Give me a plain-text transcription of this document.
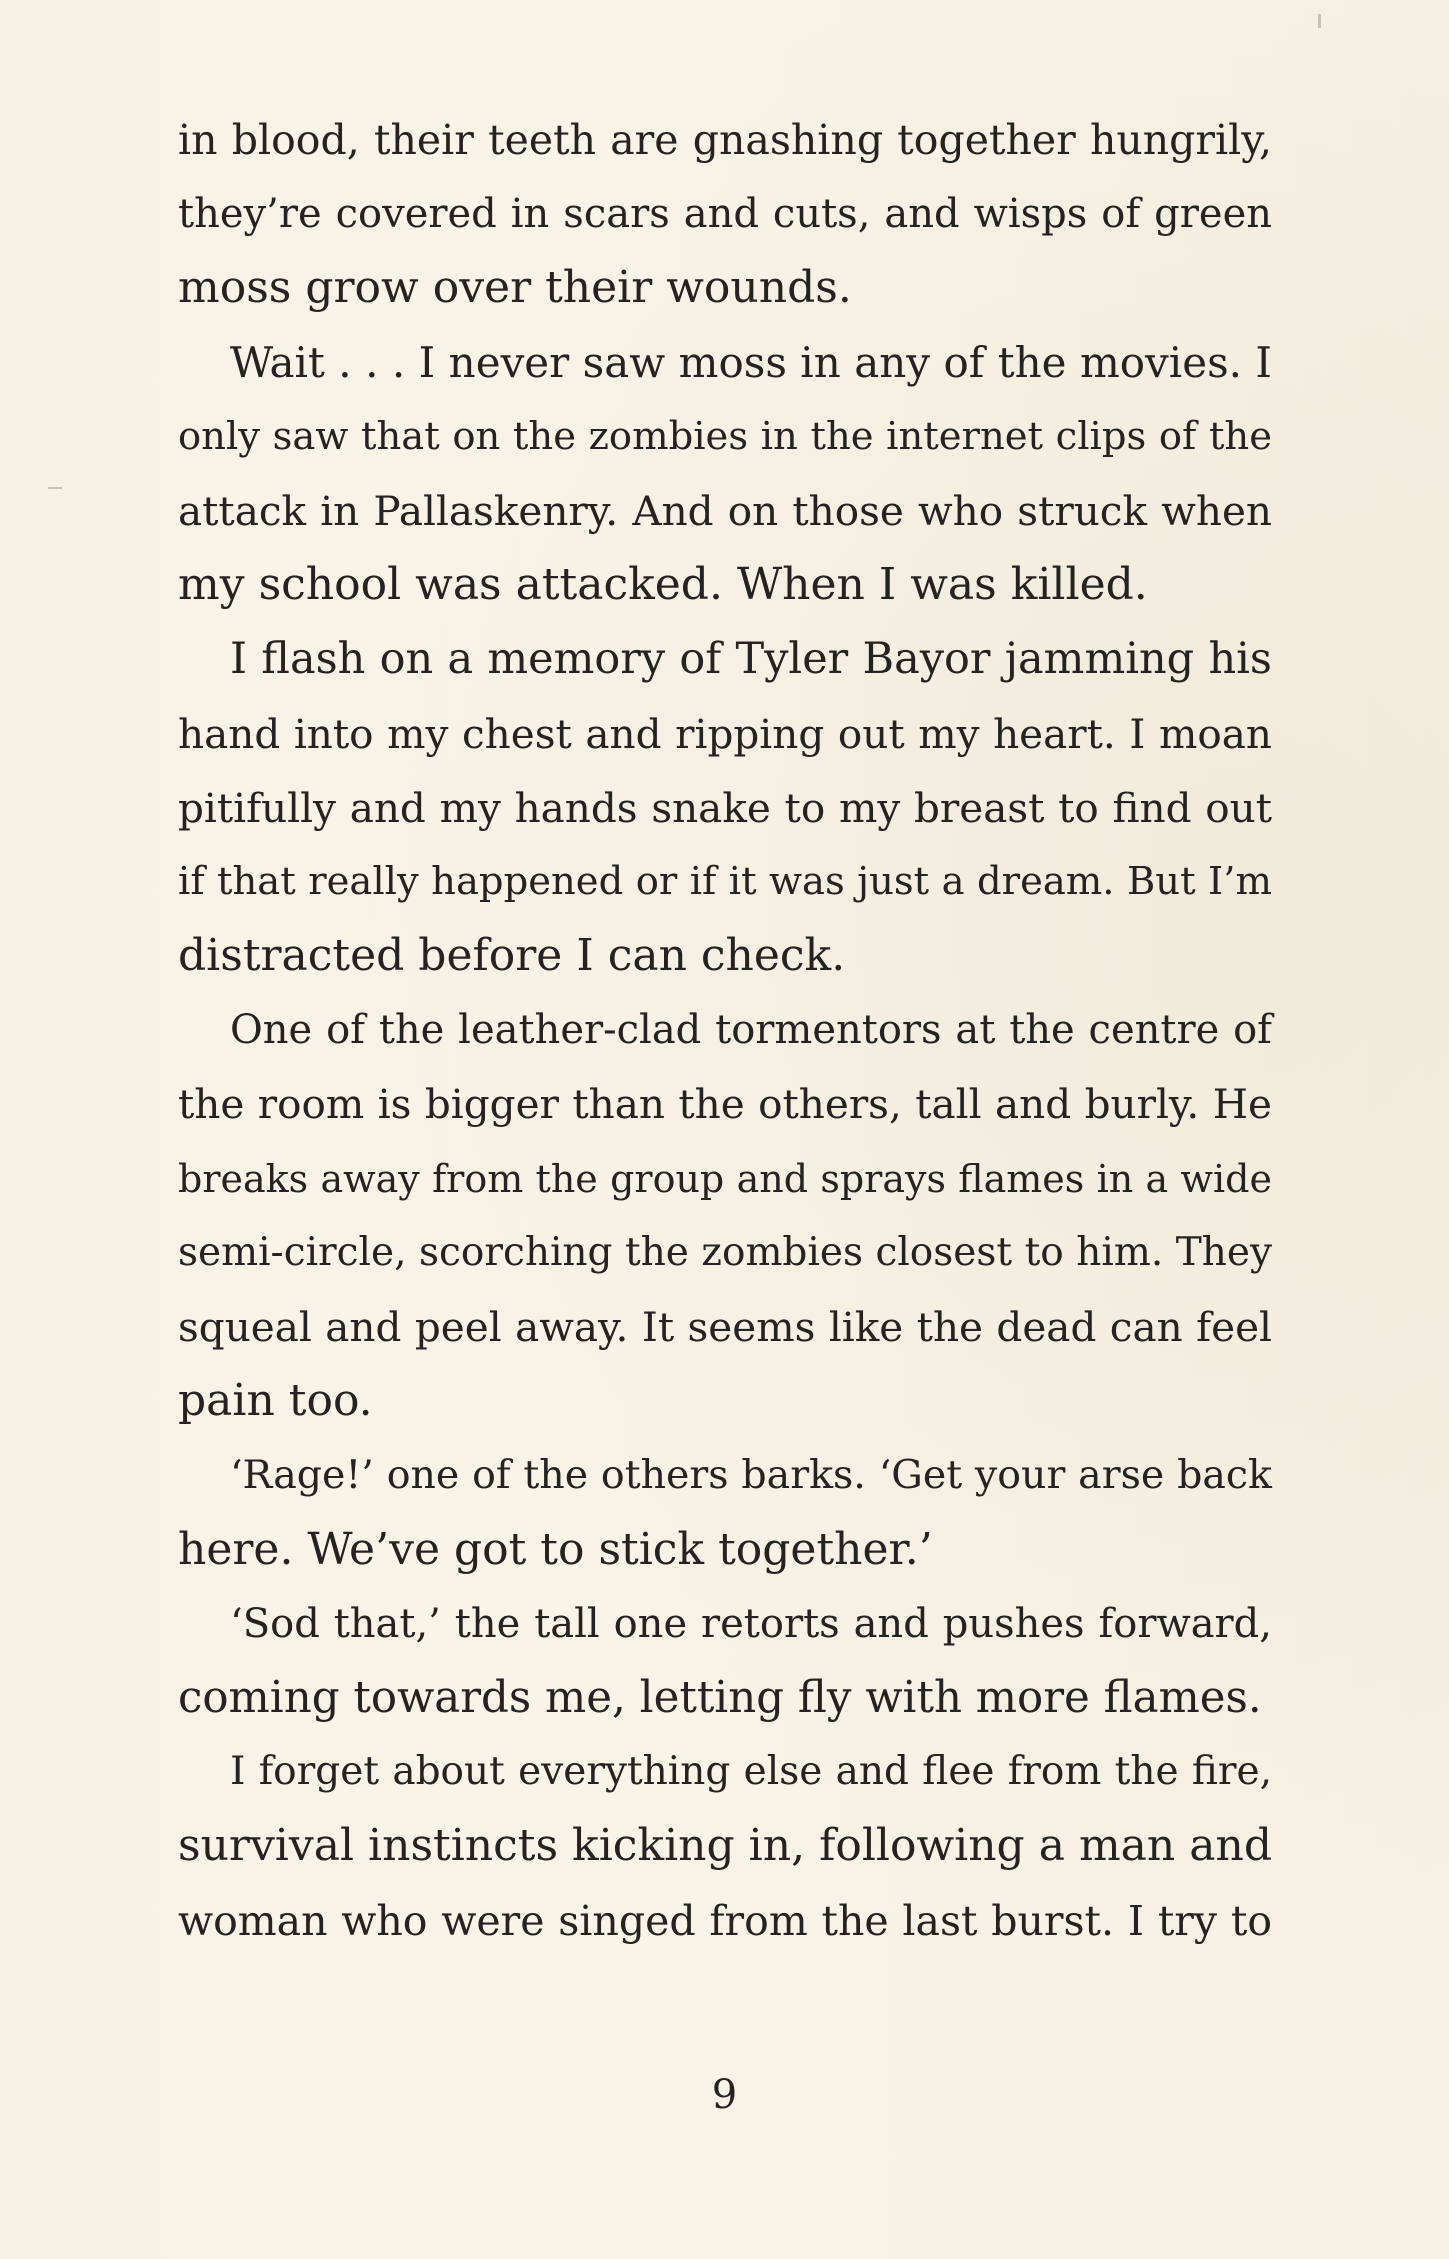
in blood, their teeth are gnashing together hungrily,
they’re covered in scars and cuts, and wisps of green
moss grow over their wounds.
Wait . . . I never saw moss in any of the movies. I
only saw that on the zombies in the internet clips of the
attack in Pallaskenry. And on those who struck when
my school was attacked. When I was killed.
I flash on a memory of Tyler Bayor jamming his
hand into my chest and ripping out my heart. I moan
pitifully and my hands snake to my breast to find out
if that really happened or if it was just a dream. But I’m
distracted before I can check.
One of the leather-clad tormentors at the centre of
the room is bigger than the others, tall and burly. He
breaks away from the group and sprays flames in a wide
semi-circle, scorching the zombies closest to him. They
squeal and peel away. It seems like the dead can feel
pain too.
‘Rage!’ one of the others barks. ‘Get your arse back
here. We’ve got to stick together.’
‘Sod that,’ the tall one retorts and pushes forward,
coming towards me, letting fly with more flames.
I forget about everything else and flee from the fire,
survival instincts kicking in, following a man and
woman who were singed from the last burst. I try to
9
